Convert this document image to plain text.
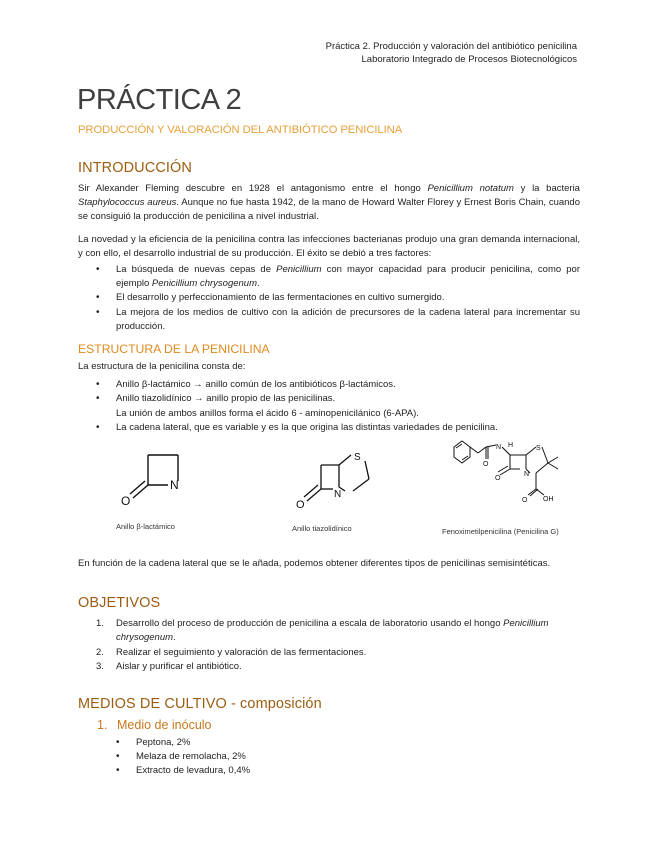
Práctica 2. Producción y valoración del antibiótico penicilina
Laboratorio Integrado de Procesos Biotecnológicos
PRÁCTICA 2
PRODUCCIÓN Y VALORACIÓN DEL ANTIBIÓTICO PENICILINA
INTRODUCCIÓN

Sir Alexander Fleming descubre en 1928 el antagonismo entre el hongo Penicillium notatum y la bacteria Staphylococcus aureus. Aunque no fue hasta 1942, de la mano de Howard Walter Florey y Ernest Boris Chain, cuando se consiguió la producción de penicilina a nivel industrial.

La novedad y la eficiencia de la penicilina contra las infecciones bacterianas produjo una gran demanda internacional, y con ello, el desarrollo industrial de su producción. El éxito se debió a tres factores:

• La búsqueda de nuevas cepas de Penicillium con mayor capacidad para producir penicilina, como por ejemplo Penicillium chrysogenum.
• El desarrollo y perfeccionamiento de las fermentaciones en cultivo sumergido.
• La mejora de los medios de cultivo con la adición de precursores de la cadena lateral para incrementar su producción.
ESTRUCTURA DE LA PENICILINA

La estructura de la penicilina consta de:

• Anillo β-lactámico → anillo común de los antibióticos β-lactámicos.
• Anillo tiazolidínico → anillo propio de las penicilinas.
La unión de ambos anillos forma el ácido 6 - aminopenicilánico (6-APA).
• La cadena lateral, que es variable y es la que origina las distintas variedades de penicilina.
N
O
Anillo β-lactámico
S
N
O
Anillo tiazolidínico
H
N
O
S
N
O
O OH
Fenoximetilpenicilina (Penicilina G)

En función de la cadena lateral que se le añada, podemos obtener diferentes tipos de penicilinas semisintéticas.

OBJETIVOS
1. Desarrollo del proceso de producción de penicilina a escala de laboratorio usando el hongo Penicillium chrysogenum.
2. Realizar el seguimiento y valoración de las fermentaciones.
3. Aislar y purificar el antibiótico.
MEDIOS DE CULTIVO - composición
1. Medio de inóculo
• Peptona, 2%
• Melaza de remolacha, 2%
• Extracto de levadura, 0,4%
